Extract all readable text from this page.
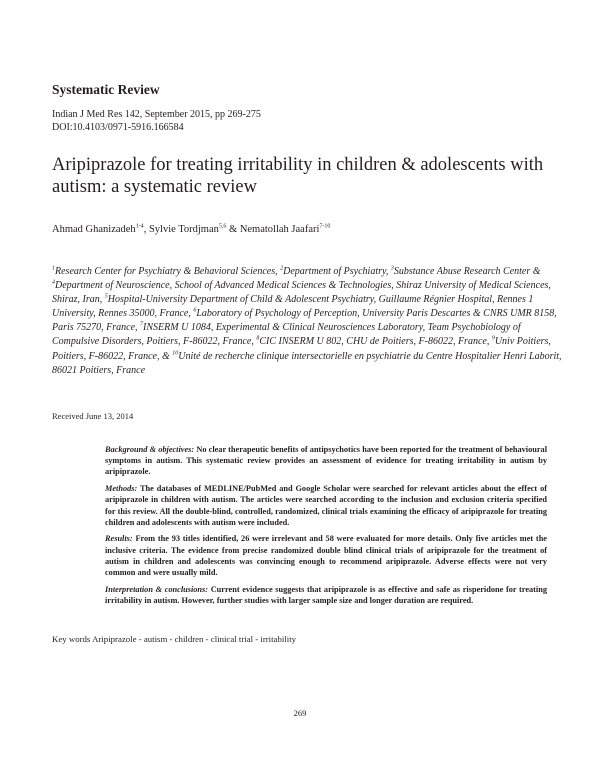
Systematic Review
Indian J Med Res 142, September 2015, pp 269-275
DOI:10.4103/0971-5916.166584
Aripiprazole for treating irritability in children & adolescents with autism: a systematic review
Ahmad Ghanizadeh$^{1-4}$, Sylvie Tordjman$^{5,6}$ & Nematollah Jaafari$^{7-10}$
$^1$Research Center for Psychiatry & Behavioral Sciences, $^2$Department of Psychiatry, $^3$Substance Abuse Research Center & $^4$Department of Neuroscience, School of Advanced Medical Sciences & Technologies, Shiraz University of Medical Sciences, Shiraz, Iran, $^5$Hospital-University Department of Child & Adolescent Psychiatry, Guillaume Régnier Hospital, Rennes 1 University, Rennes 35000, France, $^6$Laboratory of Psychology of Perception, University Paris Descartes & CNRS UMR 8158, Paris 75270, France, $^7$INSERM U 1084, Experimental & Clinical Neurosciences Laboratory, Team Psychobiology of Compulsive Disorders, Poitiers, F-86022, France, $^8$CIC INSERM U 802, CHU de Poitiers, F-86022, France, $^9$Univ Poitiers, Poitiers, F-86022, France, & $^{10}$Unité de recherche clinique intersectorielle en psychiatrie du Centre Hospitalier Henri Laborit, 86021 Poitiers, France
Received June 13, 2014

Background & objectives: No clear therapeutic benefits of antipsychotics have been reported for the treatment of behavioural symptoms in autism. This systematic review provides an assessment of evidence for treating irritability in autism by aripiprazole.

Methods: The databases of MEDLINE/PubMed and Google Scholar were searched for relevant articles about the effect of aripiprazole in children with autism. The articles were searched according to the inclusion and exclusion criteria specified for this review. All the double-blind, controlled, randomized, clinical trials examining the efficacy of aripiprazole for treating children and adolescents with autism were included.

Results: From the 93 titles identified, 26 were irrelevant and 58 were evaluated for more details. Only five articles met the inclusive criteria. The evidence from precise randomized double blind clinical trials of aripiprazole for the treatment of autism in children and adolescents was convincing enough to recommend aripiprazole. Adverse effects were not very common and were usually mild.

Interpretation & conclusions: Current evidence suggests that aripiprazole is as effective and safe as risperidone for treating irritability in autism. However, further studies with larger sample size and longer duration are required.

Key words Aripiprazole - autism - children - clinical trial - irritability
269
